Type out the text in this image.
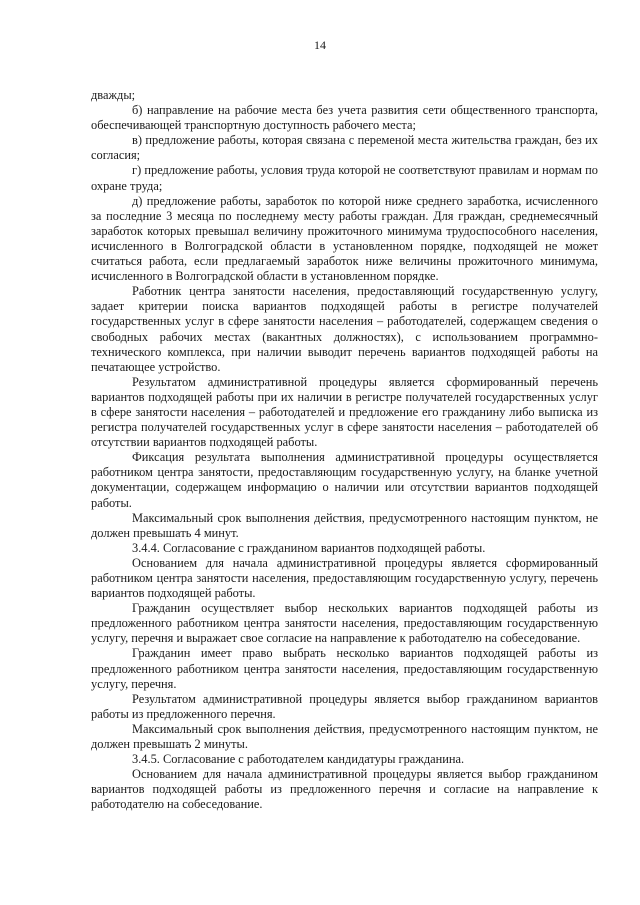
14

дважды;

б) направление на рабочие места без учета развития сети общественного транспорта, обеспечивающей транспортную доступность рабочего места;

в) предложение работы, которая связана с переменой места жительства граждан, без их согласия;

г) предложение работы, условия труда которой не соответствуют правилам и нормам по охране труда;

д) предложение работы, заработок по которой ниже среднего заработка, исчисленного за последние 3 месяца по последнему месту работы граждан. Для граждан, среднемесячный заработок которых превышал величину прожиточного минимума трудоспособного населения, исчисленного в Волгоградской области в установленном порядке, подходящей не может считаться работа, если предлагаемый заработок ниже величины прожиточного минимума, исчисленного в Волгоградской области в установленном порядке.

Работник центра занятости населения, предоставляющий государственную услугу, задает критерии поиска вариантов подходящей работы в регистре получателей государственных услуг в сфере занятости населения – работодателей, содержащем сведения о свободных рабочих местах (вакантных должностях), с использованием программно-технического комплекса, при наличии выводит перечень вариантов подходящей работы на печатающее устройство.

Результатом административной процедуры является сформированный перечень вариантов подходящей работы при их наличии в регистре получателей государственных услуг в сфере занятости населения – работодателей и предложение его гражданину либо выписка из регистра получателей государственных услуг в сфере занятости населения – работодателей об отсутствии вариантов подходящей работы.

Фиксация результата выполнения административной процедуры осуществляется работником центра занятости, предоставляющим государственную услугу, на бланке учетной документации, содержащем информацию о наличии или отсутствии вариантов подходящей работы.

Максимальный срок выполнения действия, предусмотренного настоящим пунктом, не должен превышать 4 минут.

3.4.4. Согласование с гражданином вариантов подходящей работы.

Основанием для начала административной процедуры является сформированный работником центра занятости населения, предоставляющим государственную услугу, перечень вариантов подходящей работы.

Гражданин осуществляет выбор нескольких вариантов подходящей работы из предложенного работником центра занятости населения, предоставляющим государственную услугу, перечня и выражает свое согласие на направление к работодателю на собеседование.

Гражданин имеет право выбрать несколько вариантов подходящей работы из предложенного работником центра занятости населения, предоставляющим государственную услугу, перечня.

Результатом административной процедуры является выбор гражданином вариантов работы из предложенного перечня.

Максимальный срок выполнения действия, предусмотренного настоящим пунктом, не должен превышать 2 минуты.

3.4.5. Согласование с работодателем кандидатуры гражданина.

Основанием для начала административной процедуры является выбор гражданином вариантов подходящей работы из предложенного перечня и согласие на направление к работодателю на собеседование.
